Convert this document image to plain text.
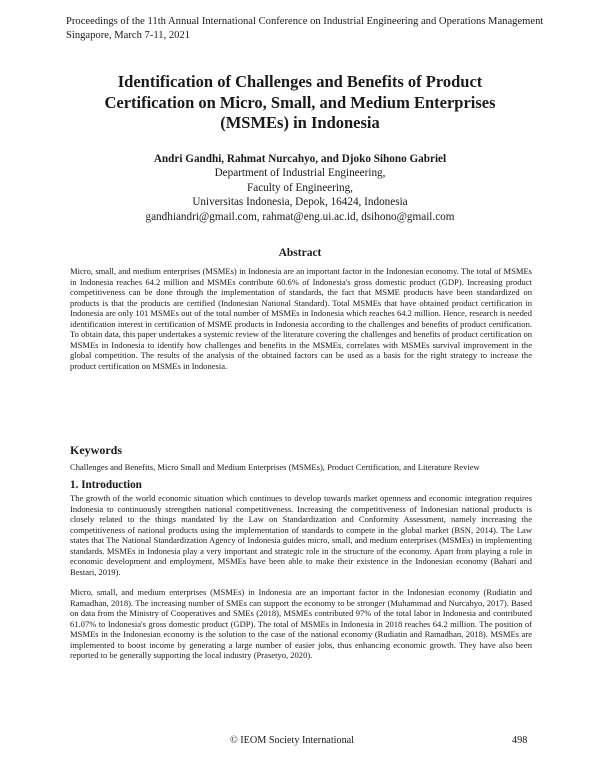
Proceedings of the 11th Annual International Conference on Industrial Engineering and Operations Management
Singapore, March 7-11, 2021
Identification of Challenges and Benefits of Product
Certification on Micro, Small, and Medium Enterprises
(MSMEs) in Indonesia
Andri Gandhi, Rahmat Nurcahyo, and Djoko Sihono Gabriel
Department of Industrial Engineering,
Faculty of Engineering,
Universitas Indonesia, Depok, 16424, Indonesia
gandhiandri@gmail.com, rahmat@eng.ui.ac.id, dsihono@gmail.com
Abstract
Micro, small, and medium enterprises (MSMEs) in Indonesia are an important factor in the Indonesian economy. The total of MSMEs in Indonesia reaches 64.2 million and MSMEs contribute 60.6% of Indonesia's gross domestic product (GDP). Increasing product competitiveness can be done through the implementation of standards, the fact that MSME products have been standardized on products is that the products are certified (Indonesian National Standard). Total MSMEs that have obtained product certification in Indonesia are only 101 MSMEs out of the total number of MSMEs in Indonesia which reaches 64.2 million. Hence, research is needed identification interest in certification of MSME products in Indonesia according to the challenges and benefits of product certification. To obtain data, this paper undertakes a systemic review of the literature covering the challenges and benefits of product certification on MSMEs in Indonesia to identify how challenges and benefits in the MSMEs, correlates with MSMEs survival improvement in the global competition. The results of the analysis of the obtained factors can be used as a basis for the right strategy to increase the product certification on MSMEs in Indonesia.
Keywords
Challenges and Benefits, Micro Small and Medium Enterprises (MSMEs), Product Certification, and Literature Review
1. Introduction
The growth of the world economic situation which continues to develop towards market openness and economic integration requires Indonesia to continuously strengthen national competitiveness. Increasing the competitiveness of Indonesian national products is closely related to the things mandated by the Law on Standardization and Conformity Assessment, namely increasing the competitiveness of national products using the implementation of standards to compete in the global market (BSN, 2014). The Law states that The National Standardization Agency of Indonesia guides micro, small, and medium enterprises (MSMEs) in implementing standards. MSMEs in Indonesia play a very important and strategic role in the structure of the economy. Apart from playing a role in economic development and employment, MSMEs have been able to make their existence in the Indonesian economy (Bahari and Bestari, 2019).
Micro, small, and medium enterprises (MSMEs) in Indonesia are an important factor in the Indonesian economy (Rudiatin and Ramadhan, 2018). The increasing number of SMEs can support the economy to be stronger (Muhammad and Nurcahyo, 2017). Based on data from the Ministry of Cooperatives and SMEs (2018), MSMEs contributed 97% of the total labor in Indonesia and contributed 61.07% to Indonesia's gross domestic product (GDP). The total of MSMEs in Indonesia in 2018 reaches 64.2 million. The position of MSMEs in the Indonesian economy is the solution to the case of the national economy (Rudiatin and Ramadhan, 2018). MSMEs are implemented to boost income by generating a large number of easier jobs, thus enhancing economic growth. They have also been reported to be generally supporting the local industry (Prasetyo, 2020).
© IEOM Society International	498
